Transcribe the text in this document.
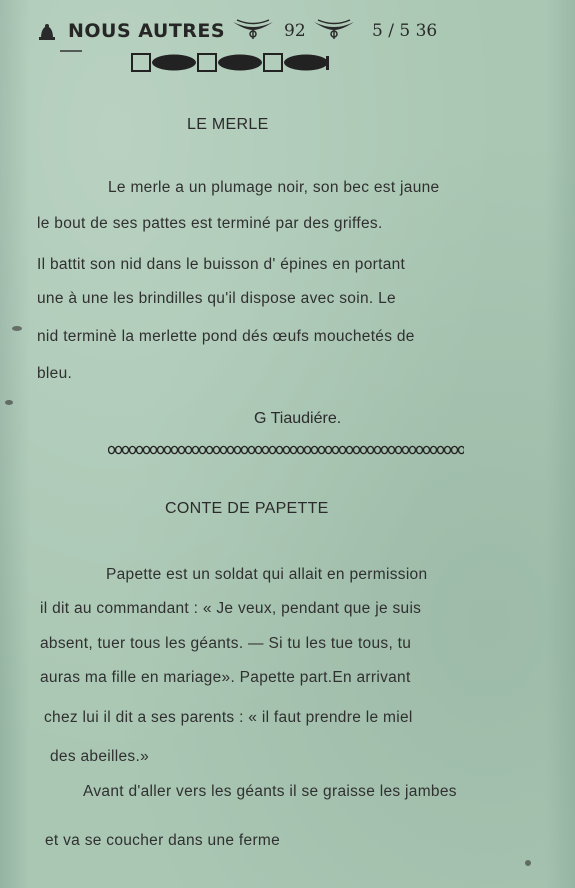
NOUS AUTRES	92	5 / 5 36
LE MERLE
Le merle a un plumage noir, son bec est jaune
le bout de ses pattes est terminé par des griffes.
Il battit son nid dans le buisson d' épines en portant
une à une les brindilles qu'il dispose avec soin. Le
nid terminè la merlette pond dés œufs mouchetés de
bleu.
G Tiaudiére.
CONTE DE PAPETTE
Papette est un soldat qui allait en permission
il dit au commandant : « Je veux, pendant que je suis
absent, tuer tous les géants. — Si tu les tue tous, tu
auras ma fille en mariage». Papette part.En arrivant
chez lui il dit a ses parents : « il faut prendre le miel
des abeilles.»
Avant d'aller vers les géants il se graisse les jambes
et va se coucher dans une ferme
